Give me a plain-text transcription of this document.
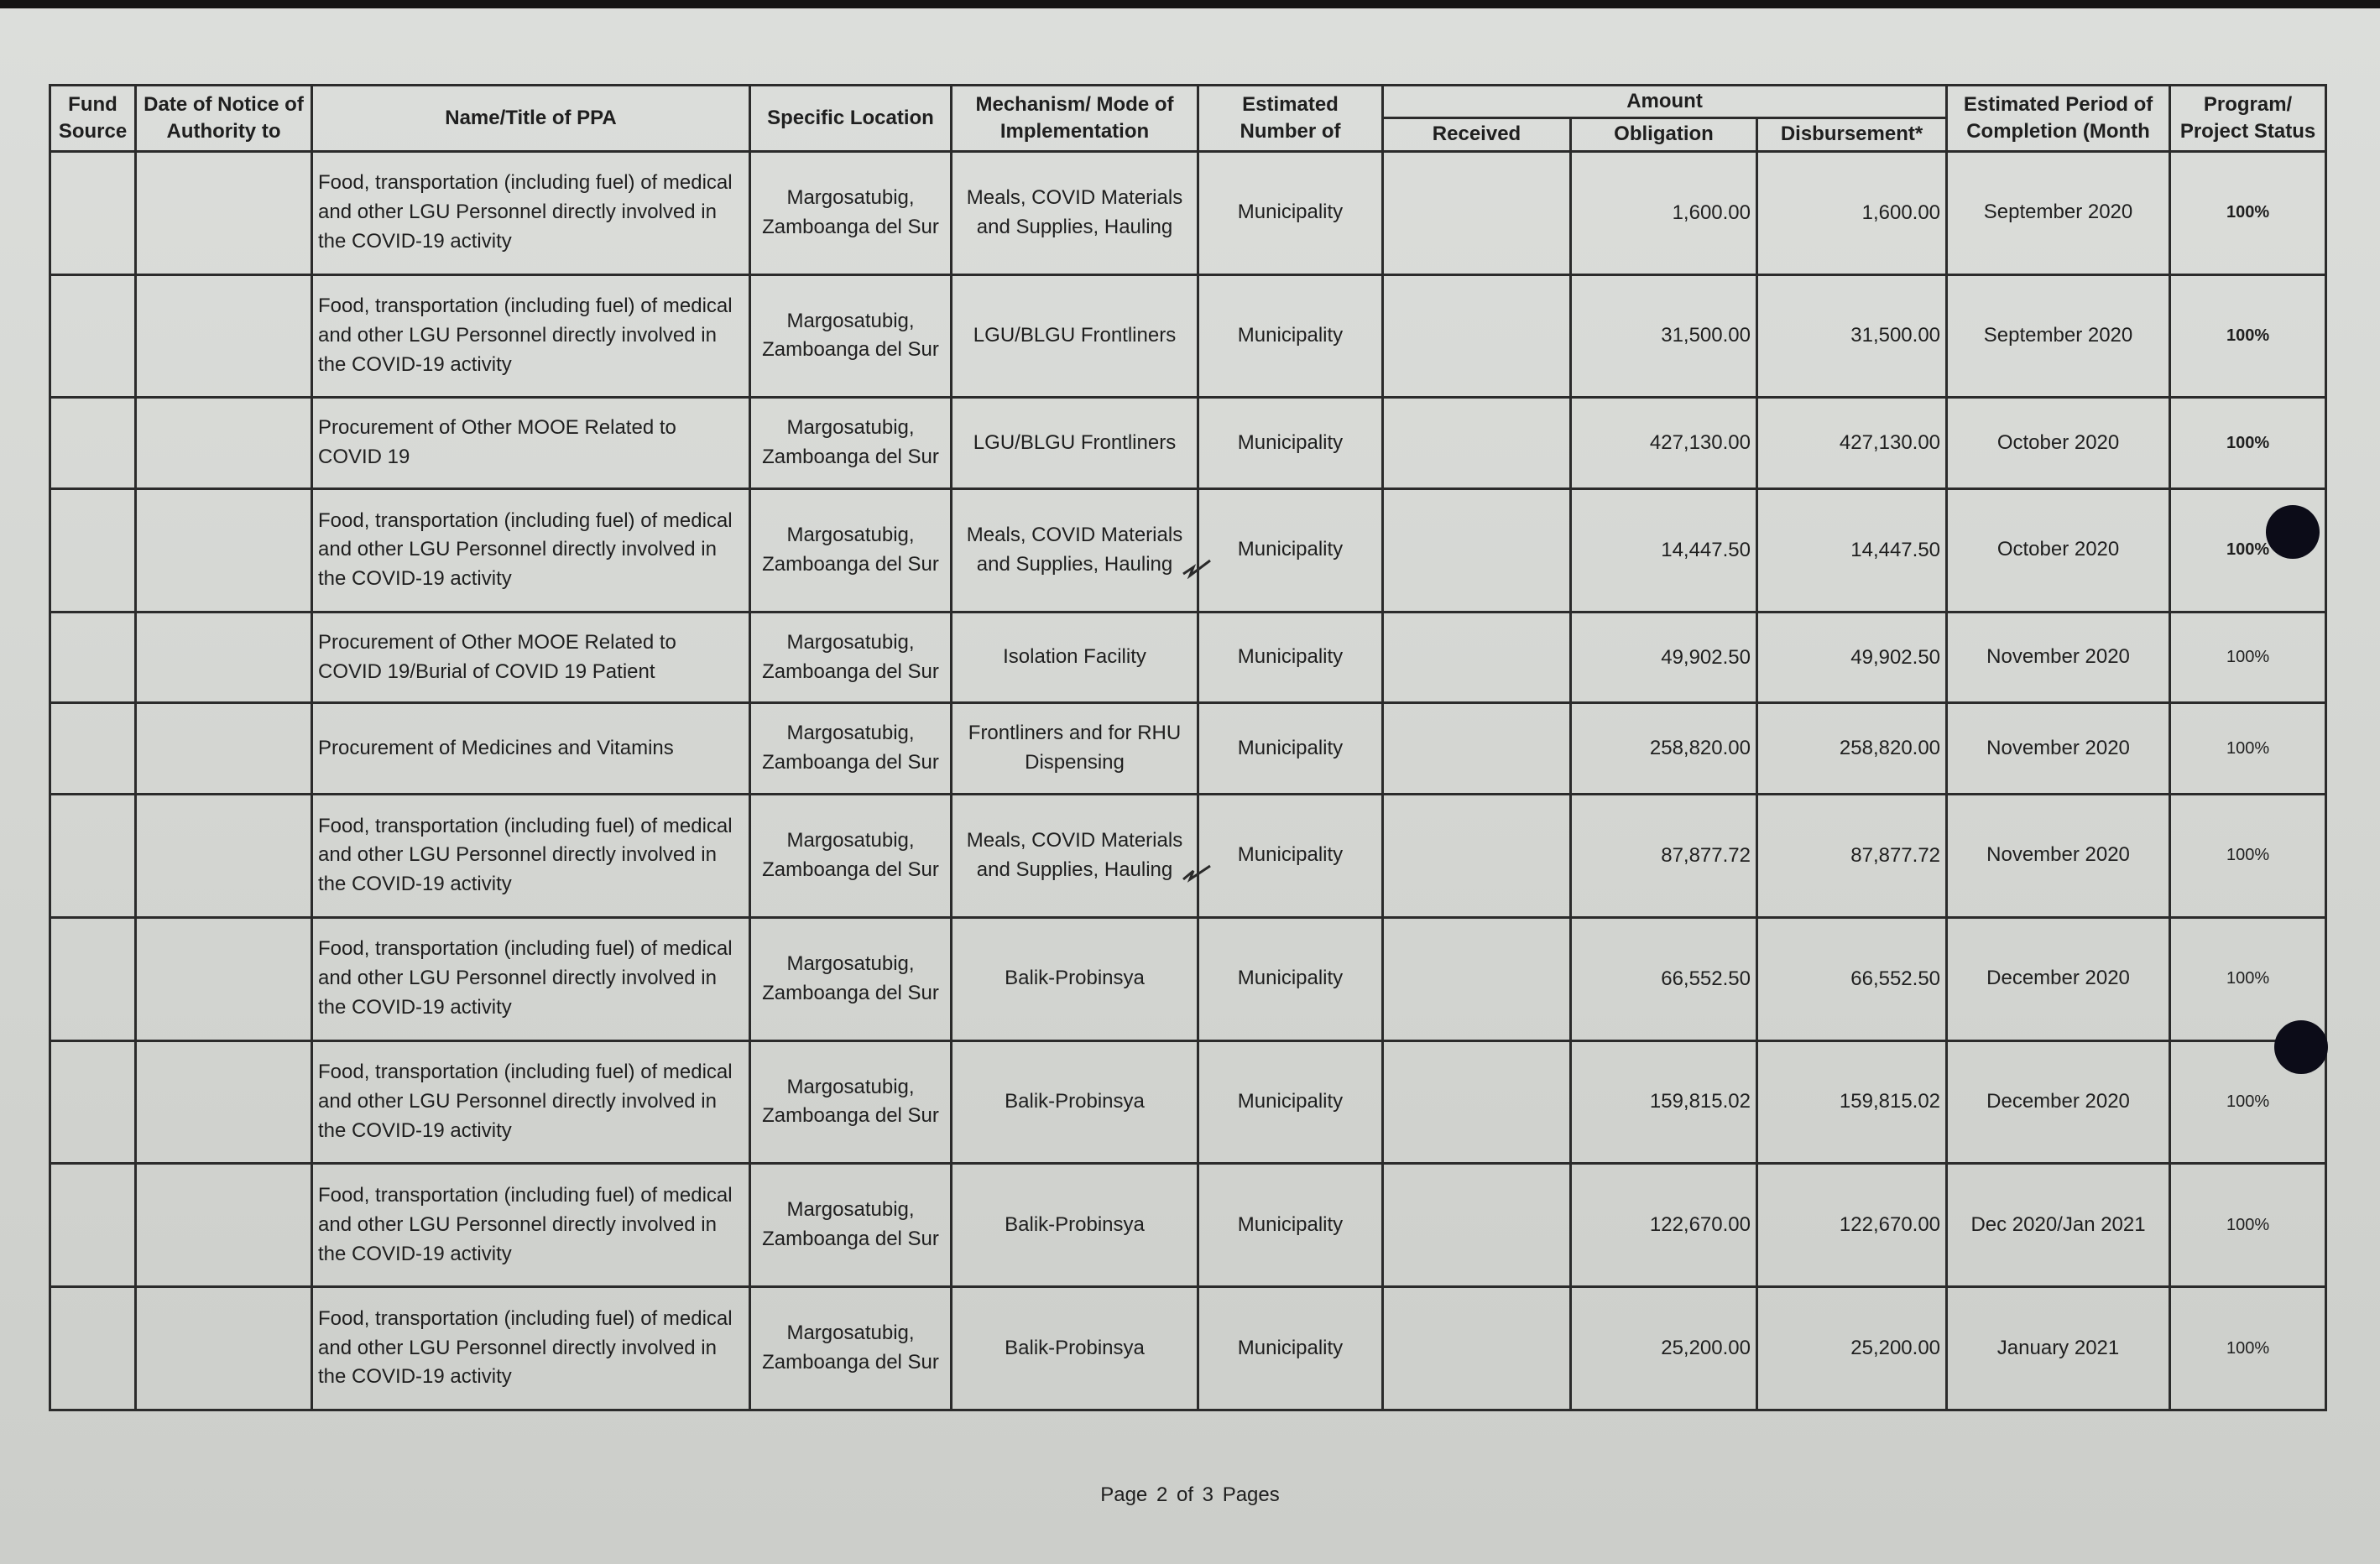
Fund Source	Date of Notice of Authority to	Name/Title of PPA	Specific Location	Mechanism/ Mode of Implementation	Estimated Number of	Amount			Estimated Period of Completion (Month	Program/ Project Status
						Received	Obligation	Disbursement*		
		Food, transportation (including fuel) of medical and other LGU Personnel directly involved in the COVID-19 activity	Margosatubig, Zamboanga del Sur	Meals, COVID Materials and Supplies, Hauling	Municipality		1,600.00	1,600.00	September 2020	100%
		Food, transportation (including fuel) of medical and other LGU Personnel directly involved in the COVID-19 activity	Margosatubig, Zamboanga del Sur	LGU/BLGU Frontliners	Municipality		31,500.00	31,500.00	September 2020	100%
		Procurement of Other MOOE Related to COVID 19	Margosatubig, Zamboanga del Sur	LGU/BLGU Frontliners	Municipality		427,130.00	427,130.00	October 2020	100%
		Food, transportation (including fuel) of medical and other LGU Personnel directly involved in the COVID-19 activity	Margosatubig, Zamboanga del Sur	Meals, COVID Materials and Supplies, Hauling	Municipality		14,447.50	14,447.50	October 2020	100%
		Procurement of Other MOOE Related to COVID 19/Burial of COVID 19 Patient	Margosatubig, Zamboanga del Sur	Isolation Facility	Municipality		49,902.50	49,902.50	November 2020	100%
		Procurement of Medicines and Vitamins	Margosatubig, Zamboanga del Sur	Frontliners and for RHU Dispensing	Municipality		258,820.00	258,820.00	November 2020	100%
		Food, transportation (including fuel) of medical and other LGU Personnel directly involved in the COVID-19 activity	Margosatubig, Zamboanga del Sur	Meals, COVID Materials and Supplies, Hauling	Municipality		87,877.72	87,877.72	November 2020	100%
		Food, transportation (including fuel) of medical and other LGU Personnel directly involved in the COVID-19 activity	Margosatubig, Zamboanga del Sur	Balik-Probinsya	Municipality		66,552.50	66,552.50	December 2020	100%
		Food, transportation (including fuel) of medical and other LGU Personnel directly involved in the COVID-19 activity	Margosatubig, Zamboanga del Sur	Balik-Probinsya	Municipality		159,815.02	159,815.02	December 2020	100%
		Food, transportation (including fuel) of medical and other LGU Personnel directly involved in the COVID-19 activity	Margosatubig, Zamboanga del Sur	Balik-Probinsya	Municipality		122,670.00	122,670.00	Dec 2020/Jan 2021	100%
		Food, transportation (including fuel) of medical and other LGU Personnel directly involved in the COVID-19 activity	Margosatubig, Zamboanga del Sur	Balik-Probinsya	Municipality		25,200.00	25,200.00	January 2021	100%
Page 2 of 3 Pages
